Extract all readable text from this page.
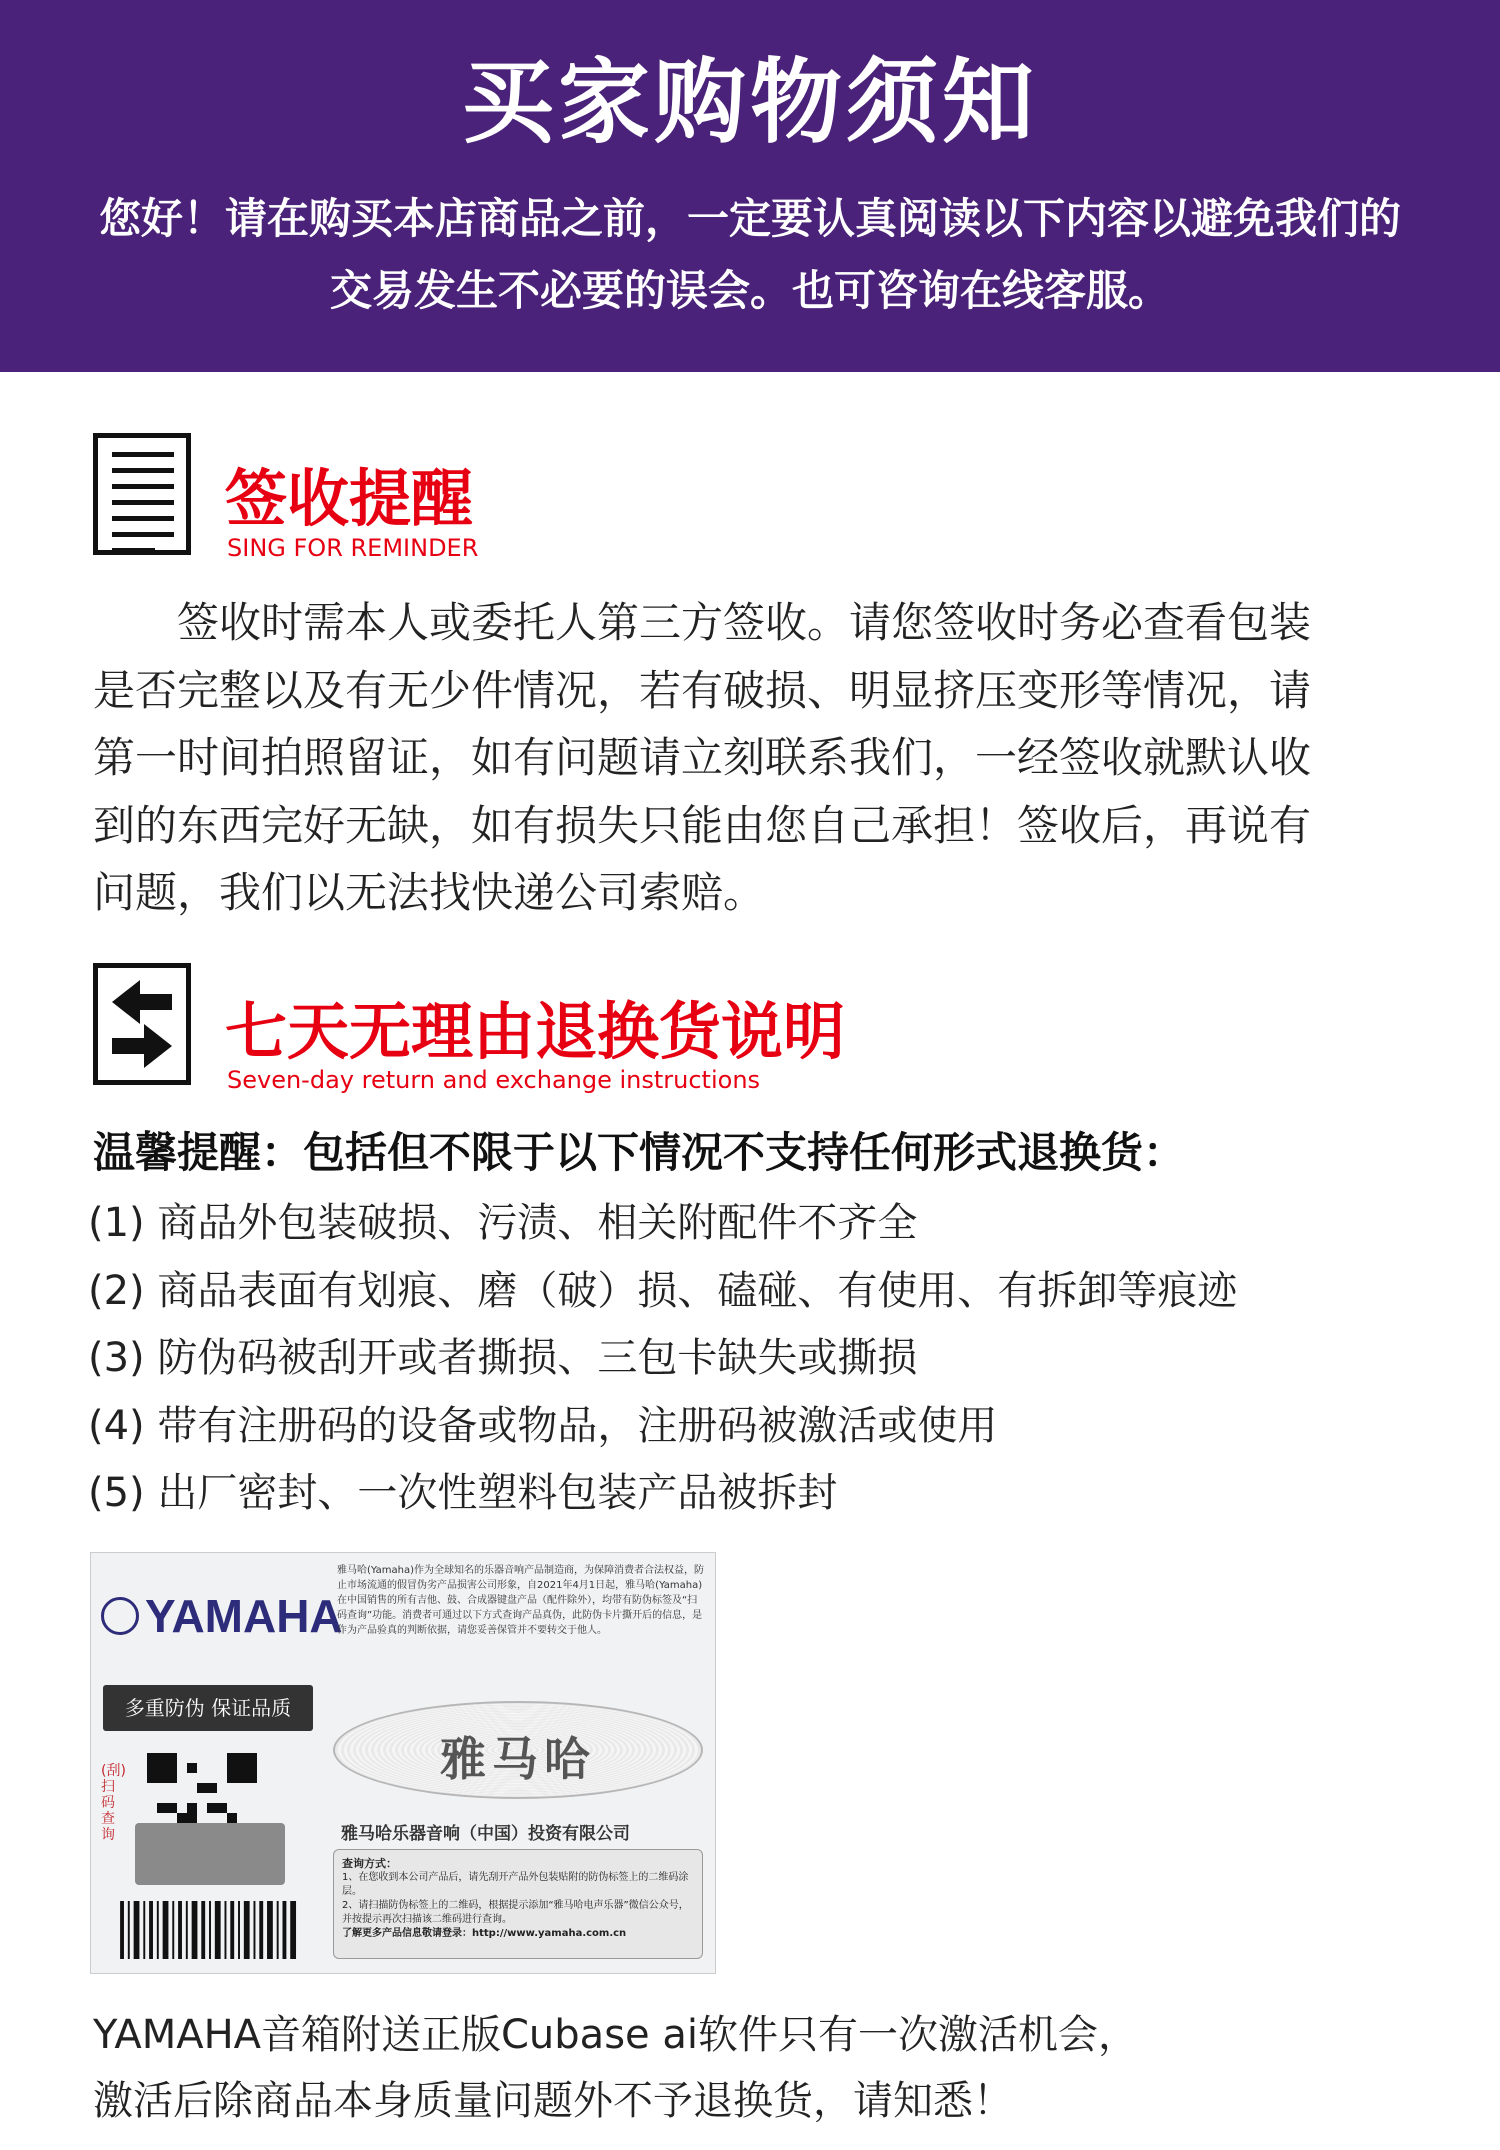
买家购物须知
您好！请在购买本店商品之前，一定要认真阅读以下内容以避免我们的
交易发生不必要的误会。也可咨询在线客服。
签收提醒
SING FOR REMINDER

　　签收时需本人或委托人第三方签收。请您签收时务必查看包装

是否完整以及有无少件情况，若有破损、明显挤压变形等情况，请

第一时间拍照留证，如有问题请立刻联系我们，一经签收就默认收

到的东西完好无缺，如有损失只能由您自己承担！签收后，再说有

问题，我们以无法找快递公司索赔。

七天无理由退换货说明
Seven-day return and exchange instructions
温馨提醒：包括但不限于以下情况不支持任何形式退换货：
(1) 商品外包装破损、污渍、相关附配件不齐全
(2) 商品表面有划痕、磨（破）损、磕碰、有使用、有拆卸等痕迹
(3) 防伪码被刮开或者撕损、三包卡缺失或撕损
(4) 带有注册码的设备或物品，注册码被激活或使用
(5) 出厂密封、一次性塑料包装产品被拆封
YAMAHA

雅马哈(Yamaha)作为全球知名的乐器音响产品制造商，为保障消费者合法权益，防止市场流通的假冒伪劣产品损害公司形象，自2021年4月1日起，雅马哈(Yamaha)在中国销售的所有吉他、鼓、合成器键盘产品（配件除外），均带有防伪标签及“扫码查询”功能。消费者可通过以下方式查询产品真伪，此防伪卡片撕开后的信息，是作为产品验真的判断依据，请您妥善保管并不要转交于他人。

多重防伪 保证品质
(刮)扫码查询
雅马哈
雅马哈乐器音响（中国）投资有限公司
查询方式：
1、在您收到本公司产品后，请先刮开产品外包装贴附的防伪标签上的二维码涂层。
2、请扫描防伪标签上的二维码，根据提示添加“雅马哈电声乐器”微信公众号，并按提示再次扫描该二维码进行查询。
了解更多产品信息敬请登录：http://www.yamaha.com.cn

YAMAHA音箱附送正版Cubase ai软件只有一次激活机会，

激活后除商品本身质量问题外不予退换货，请知悉！
